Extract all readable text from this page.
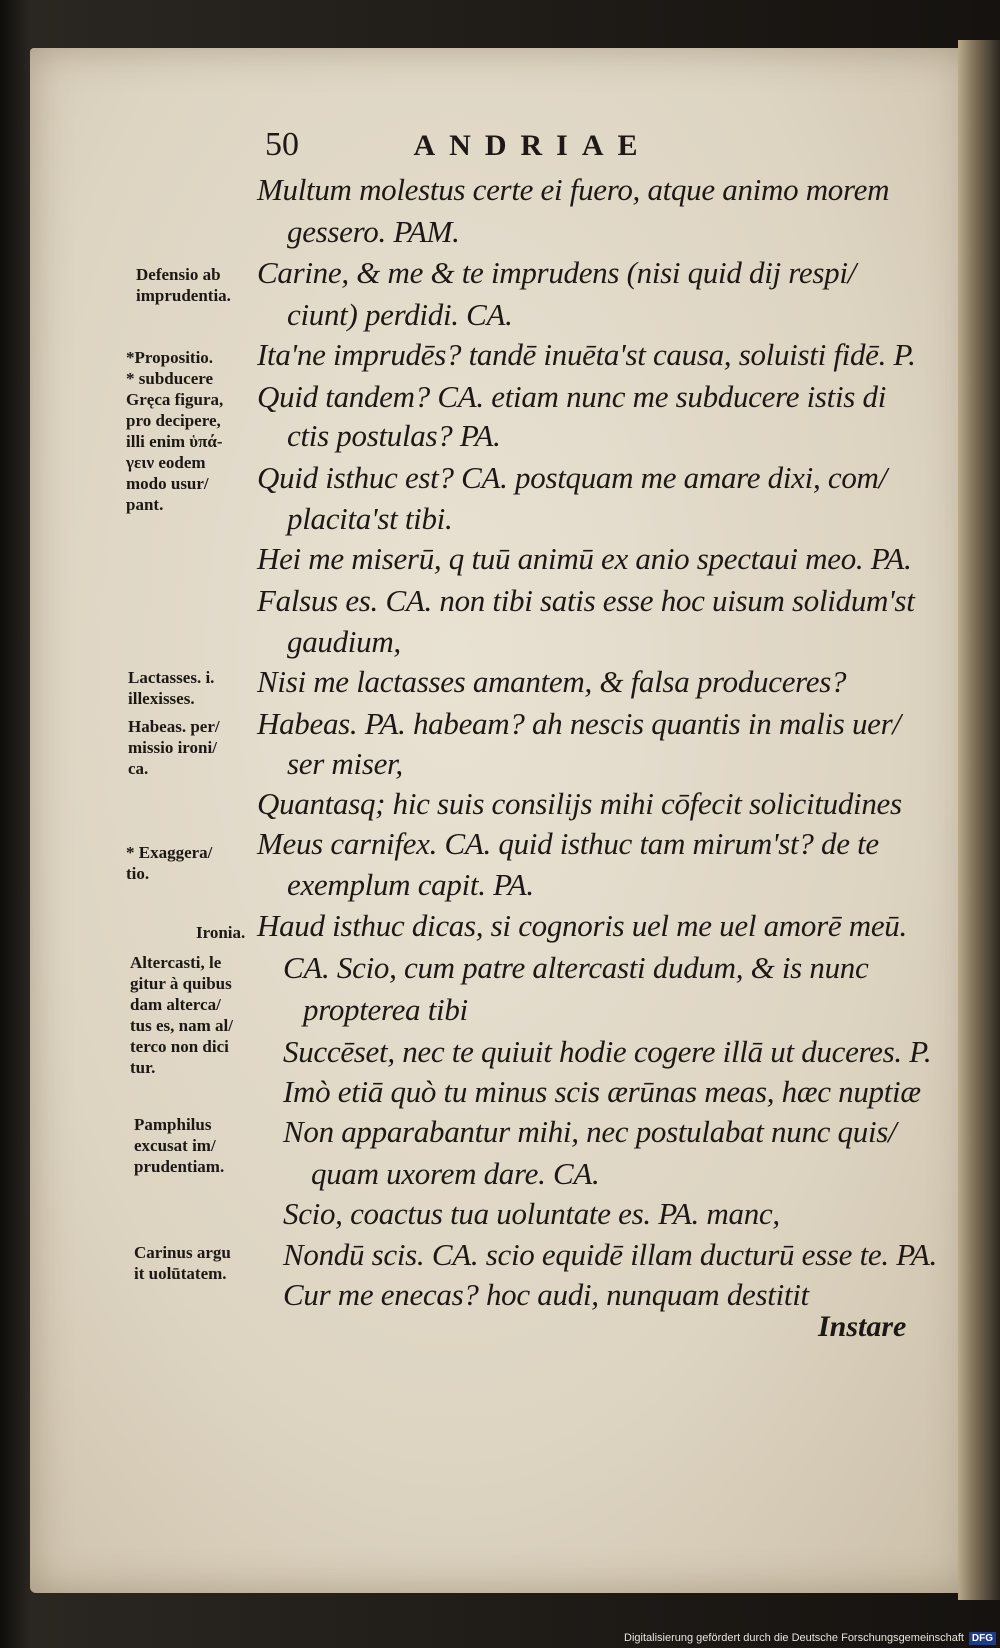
50	ANDRIAE
Multum molestus certe ei fuero, atque animo morem
gessero. PAM.
Carine, & me & te imprudens (nisi quid dij respi/
ciunt) perdidi. CA.
Ita'ne imprudēs? tandē inuēta'st causa, soluisti fidē. P.
Quid tandem? CA. etiam nunc me subducere istis di
ctis postulas? PA.
Quid isthuc est? CA. postquam me amare dixi, com/
placita'st tibi.
Hei me miserū, q tuū animū ex anio spectaui meo. PA.
Falsus es. CA. non tibi satis esse hoc uisum solidum'st
gaudium,
Nisi me lactasses amantem, & falsa produceres?
Habeas. PA. habeam? ah nescis quantis in malis uer/
ser miser,
Quantasq; hic suis consilijs mihi cōfecit solicitudines
Meus carnifex. CA. quid isthuc tam mirum'st? de te
exemplum capit. PA.
Haud isthuc dicas, si cognoris uel me uel amorē meū.
CA. Scio, cum patre altercasti dudum, & is nunc
propterea tibi
Succēset, nec te quiuit hodie cogere illā ut duceres. P.
Imò etiā quò tu minus scis ærūnas meas, hæc nuptiæ
Non apparabantur mihi, nec postulabat nunc quis/
quam uxorem dare. CA.
Scio, coactus tua uoluntate es. PA. manc,
Nondū scis. CA. scio equidē illam ducturū esse te. PA.
Cur me enecas? hoc audi, nunquam destitit
Defensio ab
imprudentia.
*Propositio.
* subducere
Gręca figura,
pro decipere,
illi enim ὑπά-
γειν eodem
modo usur/
pant.
Lactasses. i.
illexisses.
Habeas. per/
missio ironi/
ca.
* Exaggera/
tio.
Ironia.
Altercasti, le
gitur à quibus
dam alterca/
tus es, nam al/
terco non dici
tur.
Pamphilus
excusat im/
prudentiam.
Carinus argu
it uolūtatem.
Instare
Digitalisierung gefördert durch die Deutsche Forschungsgemeinschaft DFG
